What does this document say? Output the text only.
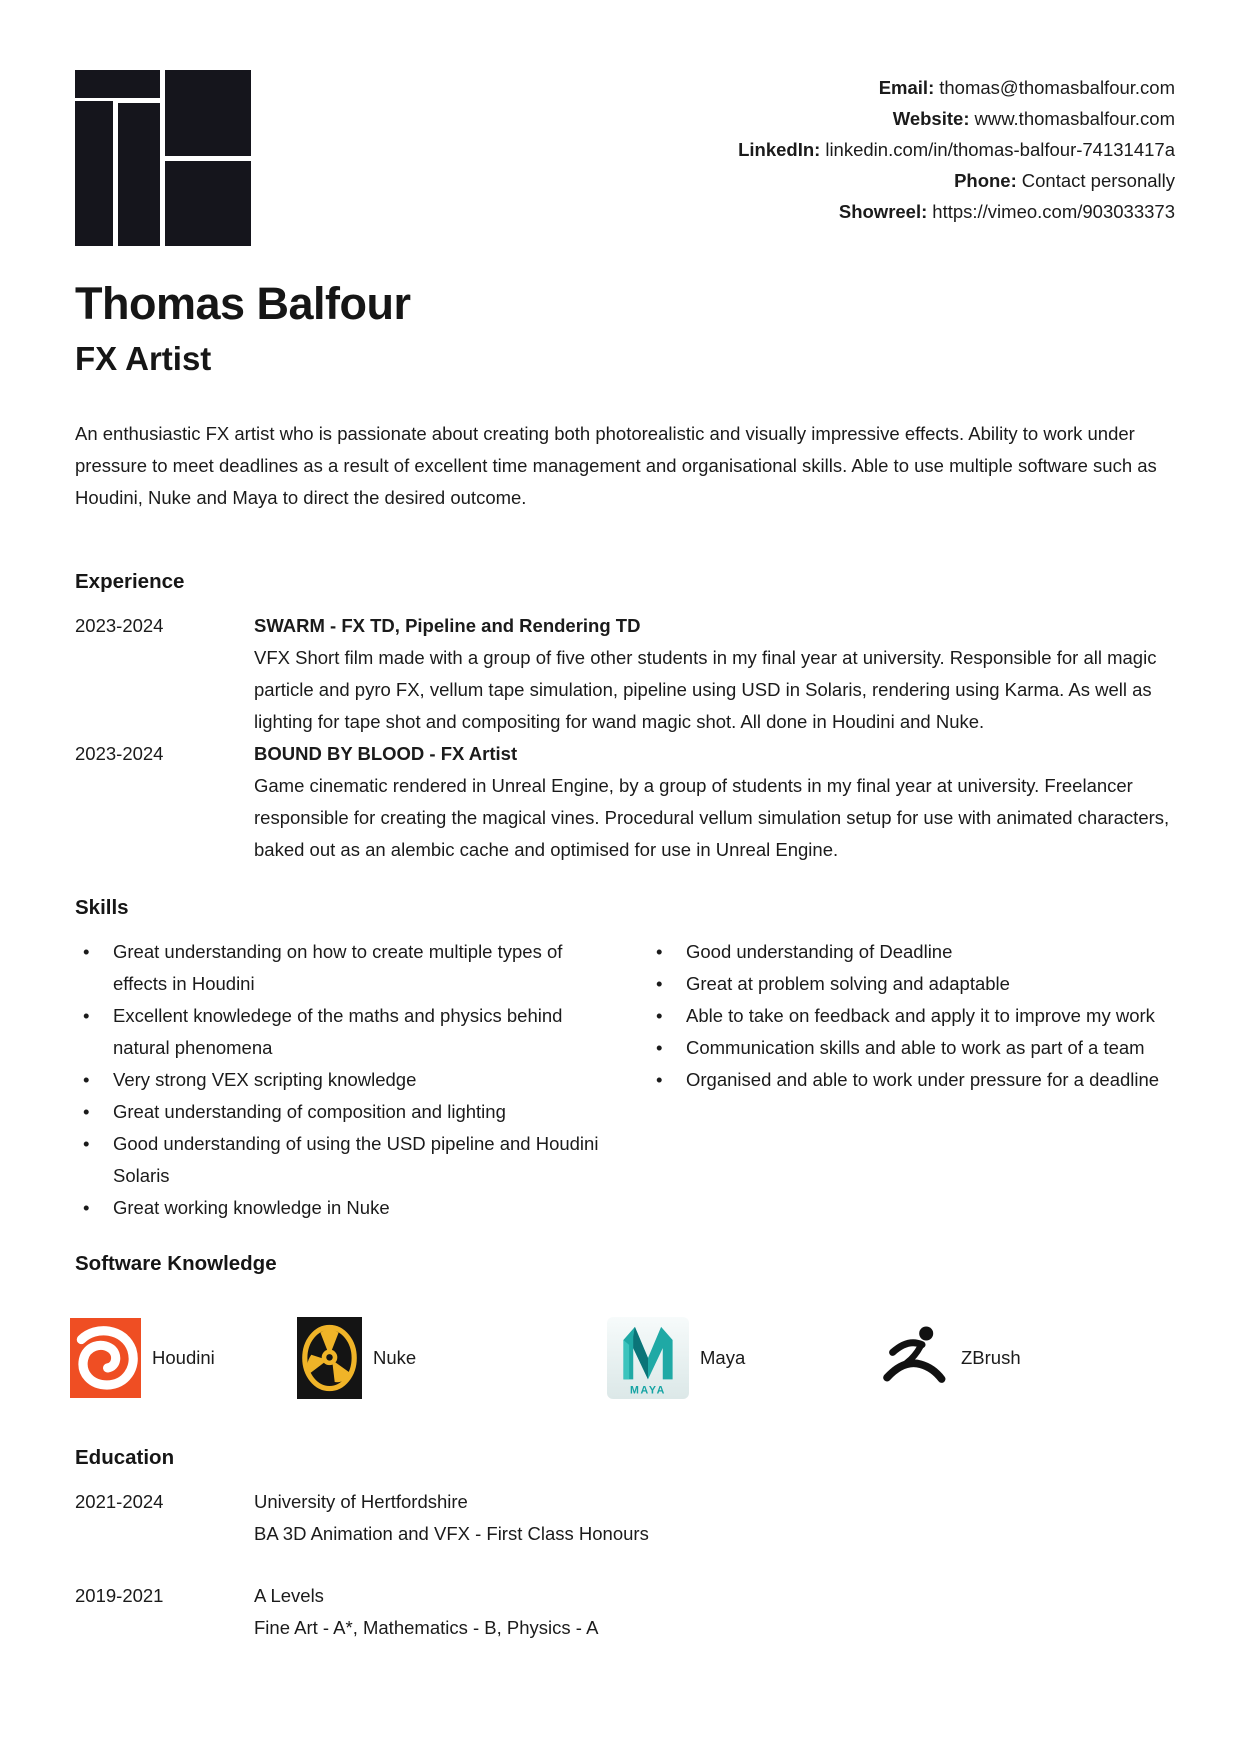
Email: thomas@thomasbalfour.com
Website: www.thomasbalfour.com
LinkedIn: linkedin.com/in/thomas-balfour-74131417a
Phone: Contact personally
Showreel: https://vimeo.com/903033373
Thomas Balfour
FX Artist

An enthusiastic FX artist who is passionate about creating both photorealistic and visually impressive effects. Ability to work under pressure to meet deadlines as a result of excellent time management and organisational skills. Able to use multiple software such as Houdini, Nuke and Maya to direct the desired outcome.

Experience
2023-2024	SWARM - FX TD, Pipeline and Rendering TD

VFX Short film made with a group of five other students in my final year at university. Responsible for all magic particle and pyro FX, vellum tape simulation, pipeline using USD in Solaris, rendering using Karma. As well as lighting for tape shot and compositing for wand magic shot. All done in Houdini and Nuke.

2023-2024	BOUND BY BLOOD - FX Artist

Game cinematic rendered in Unreal Engine, by a group of students in my final year at university. Freelancer responsible for creating the magical vines. Procedural vellum simulation setup for use with animated characters, baked out as an alembic cache and optimised for use in Unreal Engine.

Skills
• Great understanding on how to create multiple types of effects in Houdini
• Excellent knowledege of the maths and physics behind natural phenomena
• Very strong VEX scripting knowledge
• Great understanding of composition and lighting
• Good understanding of using the USD pipeline and Houdini Solaris
• Great working knowledge in Nuke
• Good understanding of Deadline
• Great at problem solving and adaptable
• Able to take on feedback and apply it to improve my work
• Communication skills and able to work as part of a team
• Organised and able to work under pressure for a deadline
Software Knowledge
Houdini	Nuke
MAYA
Maya	ZBrush
Education
2021-2024	University of Hertfordshire
BA 3D Animation and VFX - First Class Honours
2019-2021	A Levels
Fine Art - A*, Mathematics - B, Physics - A
